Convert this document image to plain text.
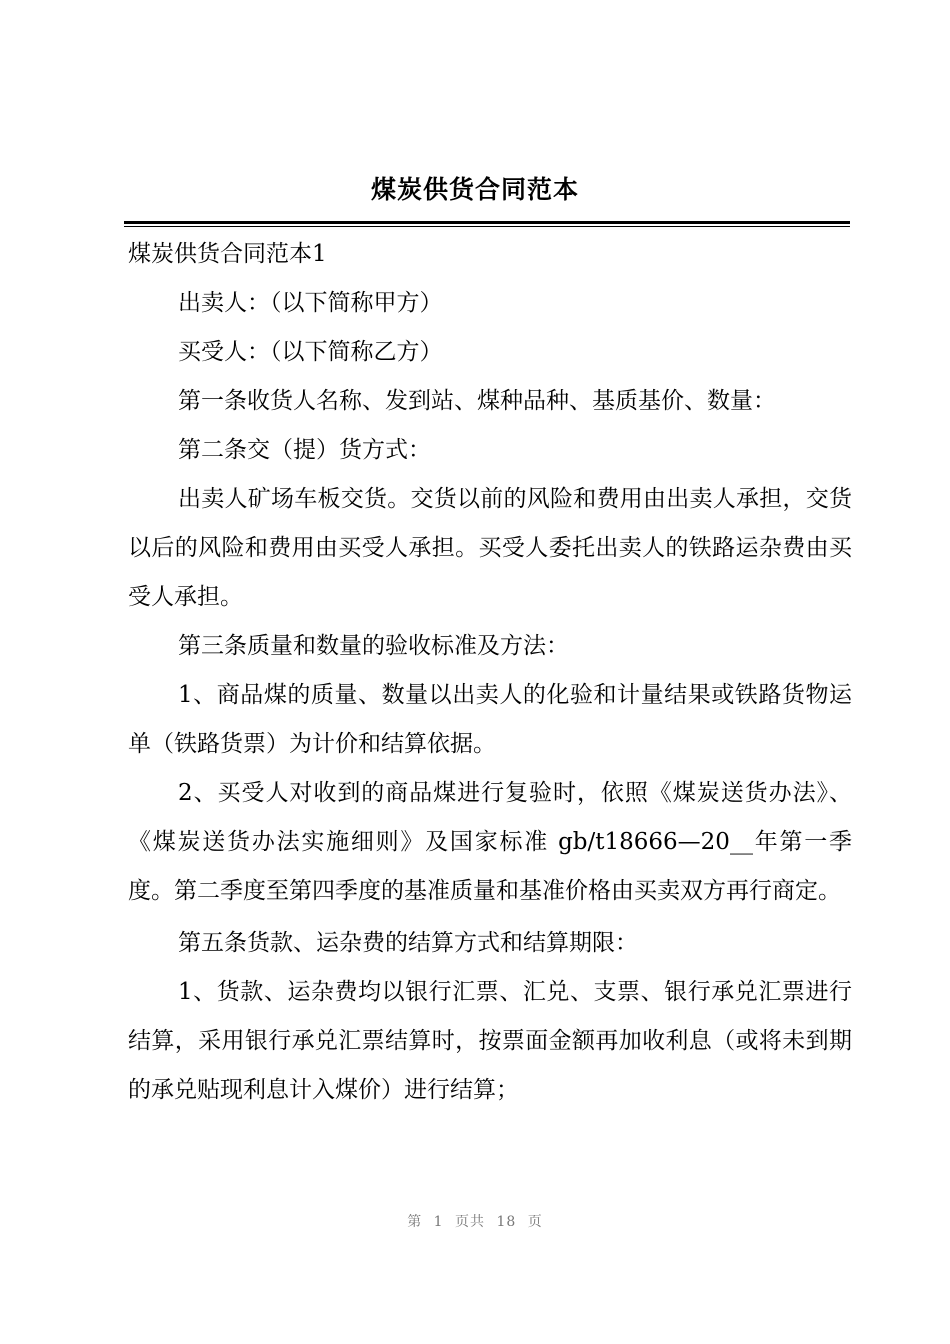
煤炭供货合同范本

煤炭供货合同范本1

出卖人：（以下简称甲方）

买受人：（以下简称乙方）

第一条收货人名称、发到站、煤种品种、基质基价、数量：

第二条交（提）货方式：

出卖人矿场车板交货。交货以前的风险和费用由出卖人承担，交货以后的风险和费用由买受人承担。买受人委托出卖人的铁路运杂费由买受人承担。

第三条质量和数量的验收标准及方法：

1、商品煤的质量、数量以出卖人的化验和计量结果或铁路货物运单（铁路货票）为计价和结算依据。

2、买受人对收到的商品煤进行复验时，依照《煤炭送货办法》、《煤炭送货办法实施细则》及国家标准 gb/t18666—20__年第一季度。第二季度至第四季度的基准质量和基准价格由买卖双方再行商定。

第五条货款、运杂费的结算方式和结算期限：

1、货款、运杂费均以银行汇票、汇兑、支票、银行承兑汇票进行结算，采用银行承兑汇票结算时，按票面金额再加收利息（或将未到期的承兑贴现利息计入煤价）进行结算；

第 1 页共 18 页
